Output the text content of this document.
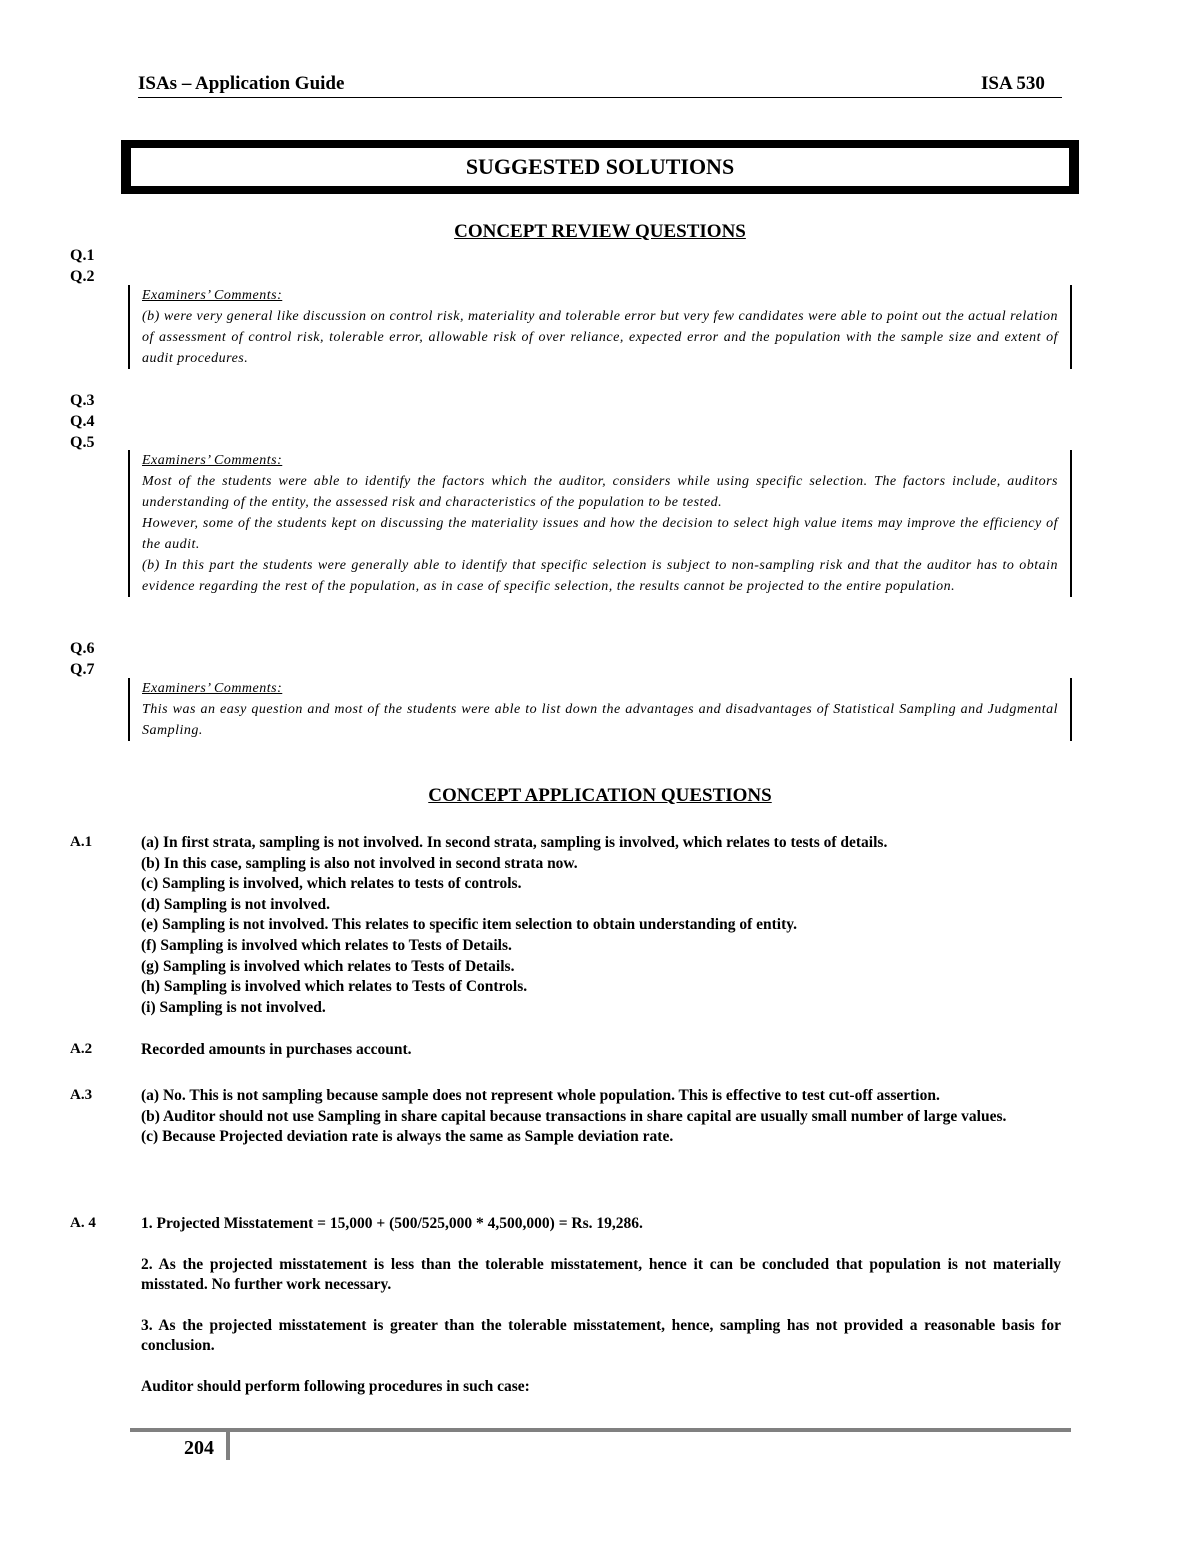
ISAs – Application Guide	ISA 530
SUGGESTED SOLUTIONS
CONCEPT REVIEW QUESTIONS
Q.1
Q.2
Examiners’ Comments:
(b) were very general like discussion on control risk, materiality and tolerable error but very few candidates were able to point out the actual relation of assessment of control risk, tolerable error, allowable risk of over reliance, expected error and the population with the sample size and extent of audit procedures.
Q.3
Q.4
Q.5
Examiners’ Comments:
Most of the students were able to identify the factors which the auditor, considers while using specific selection. The factors include, auditors understanding of the entity, the assessed risk and characteristics of the population to be tested.
However, some of the students kept on discussing the materiality issues and how the decision to select high value items may improve the efficiency of the audit.
(b) In this part the students were generally able to identify that specific selection is subject to non-sampling risk and that the auditor has to obtain evidence regarding the rest of the population, as in case of specific selection, the results cannot be projected to the entire population.
Q.6
Q.7
Examiners’ Comments:
This was an easy question and most of the students were able to list down the advantages and disadvantages of Statistical Sampling and Judgmental Sampling.
CONCEPT APPLICATION QUESTIONS
A.1	(a) In first strata, sampling is not involved. In second strata, sampling is involved, which relates to tests of details.
(b) In this case, sampling is also not involved in second strata now.
(c) Sampling is involved, which relates to tests of controls.
(d) Sampling is not involved.
(e) Sampling is not involved. This relates to specific item selection to obtain understanding of entity.
(f) Sampling is involved which relates to Tests of Details.
(g) Sampling is involved which relates to Tests of Details.
(h) Sampling is involved which relates to Tests of Controls.
(i) Sampling is not involved.
A.2	Recorded amounts in purchases account.
A.3	(a) No. This is not sampling because sample does not represent whole population. This is effective to test cut-off assertion.
(b) Auditor should not use Sampling in share capital because transactions in share capital are usually small number of large values.
(c) Because Projected deviation rate is always the same as Sample deviation rate.
A. 4	1. Projected Misstatement = 15,000 + (500/525,000 * 4,500,000) = Rs. 19,286.
2. As the projected misstatement is less than the tolerable misstatement, hence it can be concluded that population is not materially misstated. No further work necessary.
3. As the projected misstatement is greater than the tolerable misstatement, hence, sampling has not provided a reasonable basis for conclusion.
Auditor should perform following procedures in such case:
204
